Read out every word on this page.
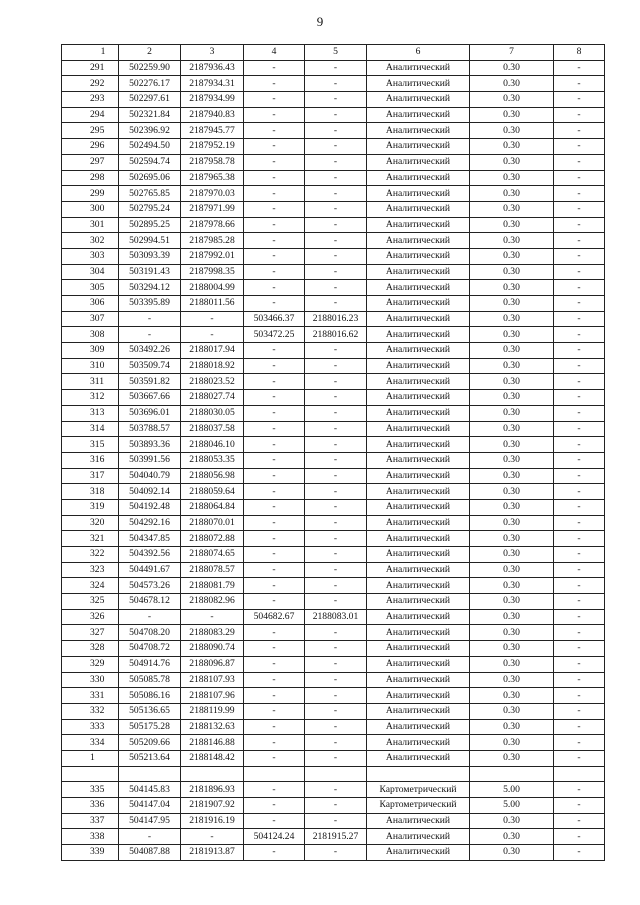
9
1	2	3	4	5	6	7	8
291	502259.90	2187936.43	-	-	Аналитический	0.30	-
292	502276.17	2187934.31	-	-	Аналитический	0.30	-
293	502297.61	2187934.99	-	-	Аналитический	0.30	-
294	502321.84	2187940.83	-	-	Аналитический	0.30	-
295	502396.92	2187945.77	-	-	Аналитический	0.30	-
296	502494.50	2187952.19	-	-	Аналитический	0.30	-
297	502594.74	2187958.78	-	-	Аналитический	0.30	-
298	502695.06	2187965.38	-	-	Аналитический	0.30	-
299	502765.85	2187970.03	-	-	Аналитический	0.30	-
300	502795.24	2187971.99	-	-	Аналитический	0.30	-
301	502895.25	2187978.66	-	-	Аналитический	0.30	-
302	502994.51	2187985.28	-	-	Аналитический	0.30	-
303	503093.39	2187992.01	-	-	Аналитический	0.30	-
304	503191.43	2187998.35	-	-	Аналитический	0.30	-
305	503294.12	2188004.99	-	-	Аналитический	0.30	-
306	503395.89	2188011.56	-	-	Аналитический	0.30	-
307	-	-	503466.37	2188016.23	Аналитический	0.30	-
308	-	-	503472.25	2188016.62	Аналитический	0.30	-
309	503492.26	2188017.94	-	-	Аналитический	0.30	-
310	503509.74	2188018.92	-	-	Аналитический	0.30	-
311	503591.82	2188023.52	-	-	Аналитический	0.30	-
312	503667.66	2188027.74	-	-	Аналитический	0.30	-
313	503696.01	2188030.05	-	-	Аналитический	0.30	-
314	503788.57	2188037.58	-	-	Аналитический	0.30	-
315	503893.36	2188046.10	-	-	Аналитический	0.30	-
316	503991.56	2188053.35	-	-	Аналитический	0.30	-
317	504040.79	2188056.98	-	-	Аналитический	0.30	-
318	504092.14	2188059.64	-	-	Аналитический	0.30	-
319	504192.48	2188064.84	-	-	Аналитический	0.30	-
320	504292.16	2188070.01	-	-	Аналитический	0.30	-
321	504347.85	2188072.88	-	-	Аналитический	0.30	-
322	504392.56	2188074.65	-	-	Аналитический	0.30	-
323	504491.67	2188078.57	-	-	Аналитический	0.30	-
324	504573.26	2188081.79	-	-	Аналитический	0.30	-
325	504678.12	2188082.96	-	-	Аналитический	0.30	-
326	-	-	504682.67	2188083.01	Аналитический	0.30	-
327	504708.20	2188083.29	-	-	Аналитический	0.30	-
328	504708.72	2188090.74	-	-	Аналитический	0.30	-
329	504914.76	2188096.87	-	-	Аналитический	0.30	-
330	505085.78	2188107.93	-	-	Аналитический	0.30	-
331	505086.16	2188107.96	-	-	Аналитический	0.30	-
332	505136.65	2188119.99	-	-	Аналитический	0.30	-
333	505175.28	2188132.63	-	-	Аналитический	0.30	-
334	505209.66	2188146.88	-	-	Аналитический	0.30	-
1	505213.64	2188148.42	-	-	Аналитический	0.30	-

335	504145.83	2181896.93	-	-	Картометрический	5.00	-
336	504147.04	2181907.92	-	-	Картометрический	5.00	-
337	504147.95	2181916.19	-	-	Аналитический	0.30	-
338	-	-	504124.24	2181915.27	Аналитический	0.30	-
339	504087.88	2181913.87	-	-	Аналитический	0.30	-
